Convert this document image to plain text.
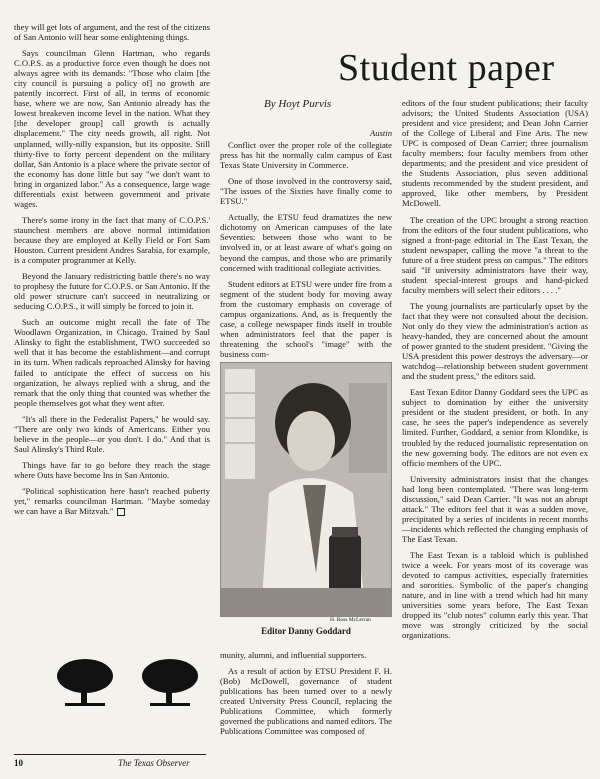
they will get lots of argument, and the rest of the citizens of San Antonio will hear some enlightening things.

Says councilman Glenn Hartman, who regards C.O.P.S. as a productive force even though he does not always agree with its demands: "Those who claim [the city council is pursuing a policy of] no growth are patently incorrect. First of all, in terms of economic base, where we are now, San Antonio already has the lowest breakeven income level in the nation. What they [the developer group] call growth is actually displacement." The city needs growth, all right. Not unplanned, willy-nilly expansion, but its opposite. Still thirty-five to forty percent dependent on the military dollar, San Antonio is a place where the private sector of the economy has done little but say "we don't want to bring in organized labor." As a consequence, large wage differentials exist between government and private wages.

There's some irony in the fact that many of C.O.P.S.' staunchest members are above normal intimidation because they are employed at Kelly Field or Fort Sam Houston. Current president Andres Sarabia, for example, is a computer programmer at Kelly.

Beyond the January redistricting battle there's no way to prophesy the future for C.O.P.S. or San Antonio. If the old power structure can't succeed in neutralizing or seducing C.O.P.S., it will simply be forced to join it.

Such an outcome might recall the fate of The Woodlawn Organization, in Chicago. Trained by Saul Alinsky to fight the establishment, TWO succeeded so well that it has become the establishment—and corrupt in its turn. When radicals reproached Alinsky for having failed to anticipate the effect of success on his organization, he always replied with a shrug, and the remark that the only thing that counted was whether the people themselves got what they went after.

"It's all there in the Federalist Papers," he would say. "There are only two kinds of Americans. Either you believe in the people—or you don't. I do." And that is Saul Alinsky's Third Rule.

Things have far to go before they reach the stage where Outs have become Ins in San Antonio.

"Political sophistication here hasn't reached puberty yet," remarks councilman Hartman. "Maybe someday we can have a Bar Mitzvah."

Student paper
By Hoyt Purvis
Austin

Conflict over the proper role of the collegiate press has hit the normally calm campus of East Texas State University in Commerce.

One of those involved in the controversy said, "The issues of the Sixties have finally come to ETSU."

Actually, the ETSU feud dramatizes the new dichotomy on American campuses of the late Seventies: between those who want to be involved in, or at least aware of what's going on beyond the campus, and those who are primarily concerned with traditional collegiate activities.

Student editors at ETSU were under fire from a segment of the student body for moving away from the customary emphasis on coverage of campus organizations. And, as is frequently the case, a college newspaper finds itself in trouble when administrators feel that the paper is threatening the school's "image" with the business com-

H. Ross McLerran
Editor Danny Goddard

munity, alumni, and influential supporters.

As a result of action by ETSU President F. H. (Bob) McDowell, governance of student publications has been turned over to a newly created University Press Council, replacing the Publications Committee, which formerly governed the publications and named editors. The Publications Committee was composed of

editors of the four student publications; their faculty advisors; the United Students Association (USA) president and vice president; and Dean John Carrier of the College of Liberal and Fine Arts. The new UPC is composed of Dean Carrier; three journalism faculty members; four faculty members from other departments; and the president and vice president of the Students Association, plus seven additional students recommended by the student president, and approved, like other members, by President McDowell.

The creation of the UPC brought a strong reaction from the editors of the four student publications, who signed a front-page editorial in The East Texan, the student newspaper, calling the move "a threat to the future of a free student press on campus." The editors said "If university administrators have their way, student special-interest groups and hand-picked faculty members will select their editors . . . ."

The young journalists are particularly upset by the fact that they were not consulted about the decision. Not only do they view the administration's action as heavy-handed, they are concerned about the amount of power granted to the student president. "Giving the USA president this power destroys the adversary—or watchdog—relationship between student government and the student press," the editors said.

East Texan Editor Danny Goddard sees the UPC as subject to domination by either the university president or the student president, or both. In any case, he sees the paper's independence as severely limited. Further, Goddard, a senior from Klondike, is troubled by the reduced journalistic representation on the new governing body. The editors are not even ex officio members of the UPC.

University administrators insist that the changes had long been contemplated. "There was long-term discussion," said Dean Carrier. "It was not an abrupt attack." The editors feel that it was a sudden move, precipitated by a series of incidents in recent months—incidents which reflected the changing emphasis of The East Texan.

The East Texan is a tabloid which is published twice a week. For years most of its coverage was devoted to campus activities, especially fraternities and sororities. Symbolic of the paper's changing nature, and in line with a trend which had hit many universities some years before, The East Texan dropped its "club notes" column early this year. That move was strongly criticized by the social organizations.

10	The Texas Observer
